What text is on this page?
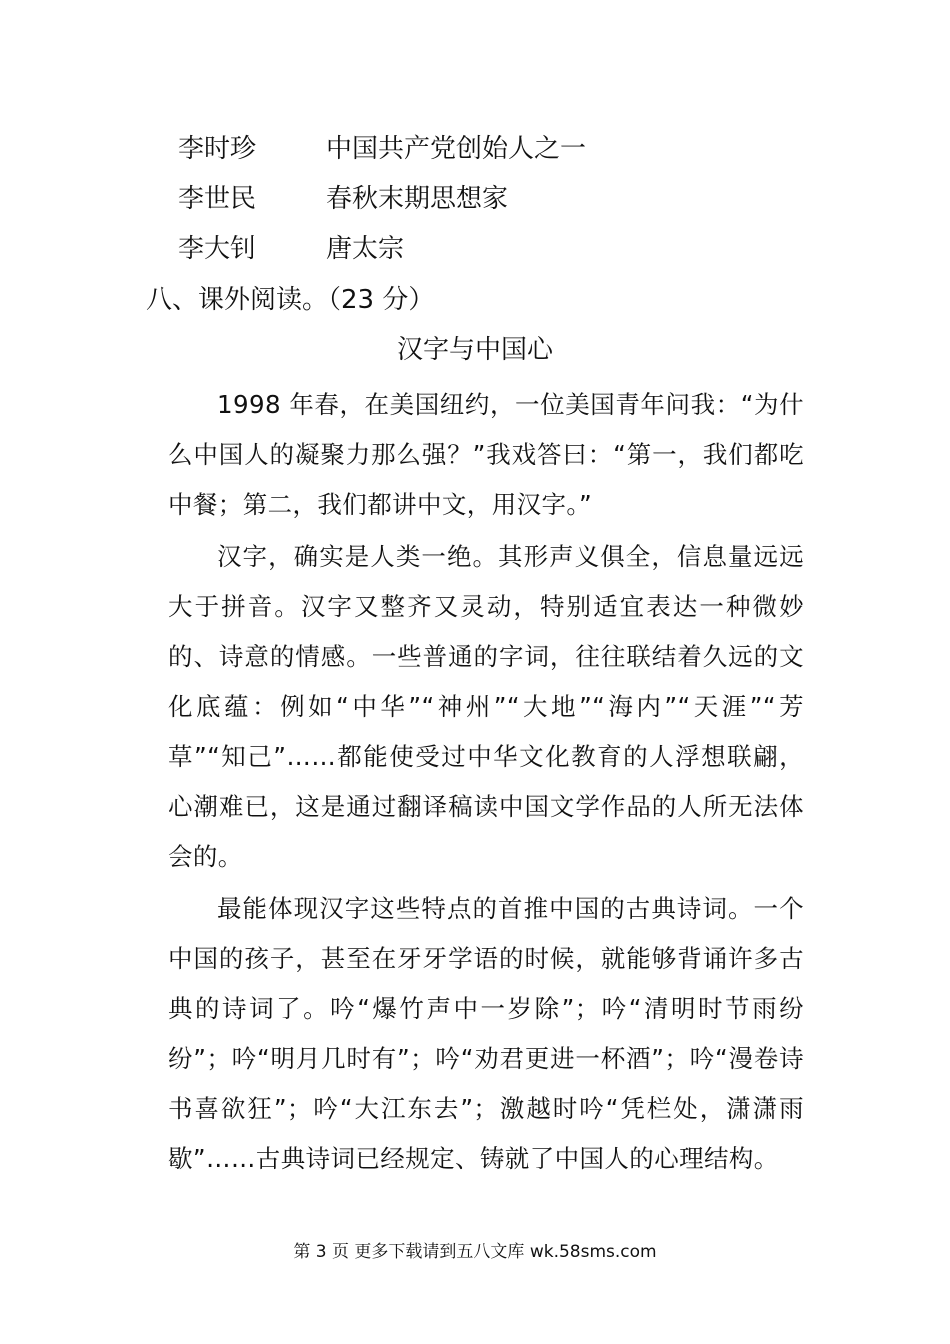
李时珍	中国共产党创始人之一
李世民	春秋末期思想家
李大钊	唐太宗
八、课外阅读。（23 分）
汉字与中国心

1998 年春，在美国纽约，一位美国青年问我：“为什么中国人的凝聚力那么强？”我戏答曰：“第一，我们都吃中餐；第二，我们都讲中文，用汉字。”

汉字，确实是人类一绝。其形声义俱全，信息量远远大于拼音。汉字又整齐又灵动，特别适宜表达一种微妙的、诗意的情感。一些普通的字词，往往联结着久远的文化底蕴：例如“中华”“神州”“大地”“海内”“天涯”“芳草”“知己”……都能使受过中华文化教育的人浮想联翩，心潮难已，这是通过翻译稿读中国文学作品的人所无法体会的。

最能体现汉字这些特点的首推中国的古典诗词。一个中国的孩子，甚至在牙牙学语的时候，就能够背诵许多古典的诗词了。吟“爆竹声中一岁除”；吟“清明时节雨纷纷”；吟“明月几时有”；吟“劝君更进一杯酒”；吟“漫卷诗书喜欲狂”；吟“大江东去”；激越时吟“凭栏处，潇潇雨歇”……古典诗词已经规定、铸就了中国人的心理结构。

第 3 页 更多下载请到五八文库 wk.58sms.com
